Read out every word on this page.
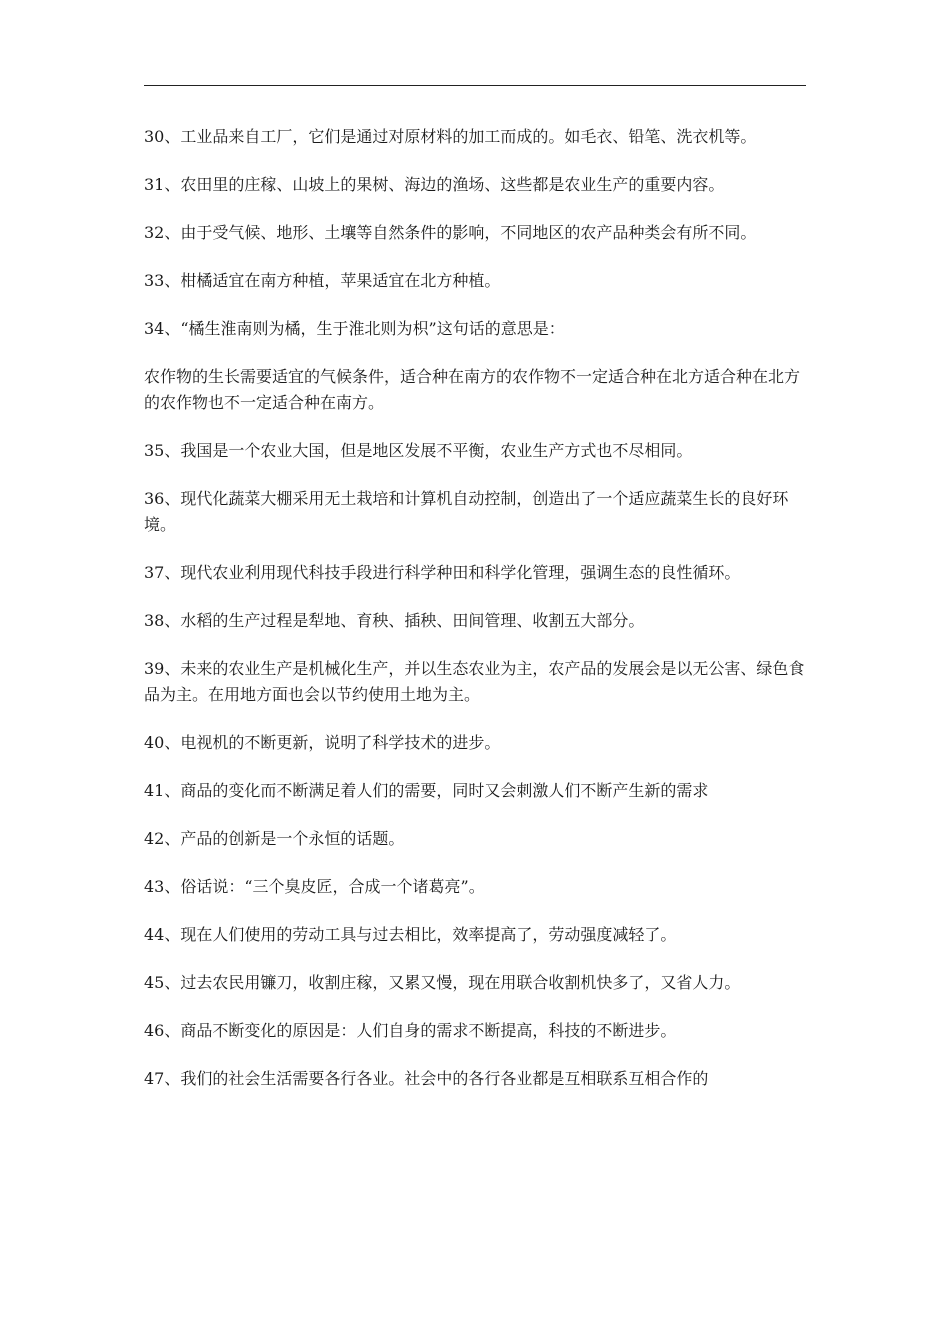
30、工业品来自工厂，它们是通过对原材料的加工而成的。如毛衣、铅笔、洗衣机等。

31、农田里的庄稼、山坡上的果树、海边的渔场、这些都是农业生产的重要内容。

32、由于受气候、地形、土壤等自然条件的影响，不同地区的农产品种类会有所不同。

33、柑橘适宜在南方种植，苹果适宜在北方种植。

34、“橘生淮南则为橘，生于淮北则为枳”这句话的意思是：

农作物的生长需要适宜的气候条件，适合种在南方的农作物不一定适合种在北方适合种在北方的农作物也不一定适合种在南方。

35、我国是一个农业大国，但是地区发展不平衡，农业生产方式也不尽相同。

36、现代化蔬菜大棚采用无土栽培和计算机自动控制，创造出了一个适应蔬菜生长的良好环境。

37、现代农业利用现代科技手段进行科学种田和科学化管理，强调生态的良性循环。

38、水稻的生产过程是犁地、育秧、插秧、田间管理、收割五大部分。

39、未来的农业生产是机械化生产，并以生态农业为主，农产品的发展会是以无公害、绿色食品为主。在用地方面也会以节约使用土地为主。

40、电视机的不断更新，说明了科学技术的进步。

41、商品的变化而不断满足着人们的需要，同时又会刺激人们不断产生新的需求

42、产品的创新是一个永恒的话题。

43、俗话说：“三个臭皮匠，合成一个诸葛亮”。

44、现在人们使用的劳动工具与过去相比，效率提高了，劳动强度减轻了。

45、过去农民用镰刀，收割庄稼，又累又慢，现在用联合收割机快多了，又省人力。

46、商品不断变化的原因是：人们自身的需求不断提高，科技的不断进步。

47、我们的社会生活需要各行各业。社会中的各行各业都是互相联系互相合作的
